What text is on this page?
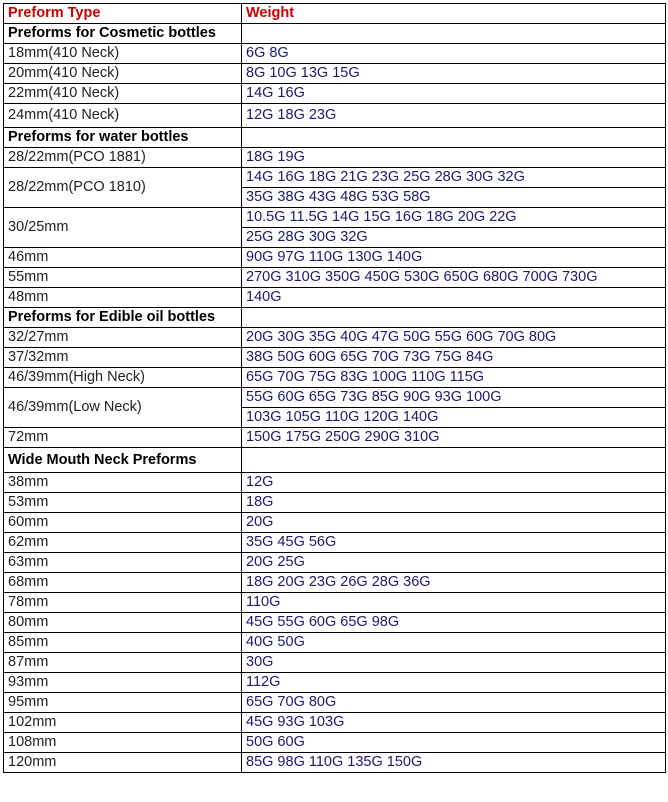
Preform Type	Weight
Preforms for Cosmetic bottles	
18mm(410 Neck)	6G 8G
20mm(410 Neck)	8G 10G 13G 15G
22mm(410 Neck)	14G 16G
24mm(410 Neck)	12G 18G 23G
Preforms for water bottles	
28/22mm(PCO 1881)	18G 19G
28/22mm(PCO 1810)	14G 16G 18G 21G 23G 25G 28G 30G 32G
	35G 38G 43G 48G 53G 58G
30/25mm	10.5G 11.5G 14G 15G 16G 18G 20G 22G
	25G 28G 30G 32G
46mm	90G 97G 110G 130G 140G
55mm	270G 310G 350G 450G 530G 650G 680G 700G 730G
48mm	140G
Preforms for Edible oil bottles	
32/27mm	20G 30G 35G 40G 47G 50G 55G 60G 70G 80G
37/32mm	38G 50G 60G 65G 70G 73G 75G 84G
46/39mm(High Neck)	65G 70G 75G 83G 100G 110G 115G
46/39mm(Low Neck)	55G 60G 65G 73G 85G 90G 93G 100G
	103G 105G 110G 120G 140G
72mm	150G 175G 250G 290G 310G
Wide Mouth Neck Preforms	
38mm	12G
53mm	18G
60mm	20G
62mm	35G 45G 56G
63mm	20G 25G
68mm	18G 20G 23G 26G 28G 36G
78mm	110G
80mm	45G 55G 60G 65G 98G
85mm	40G 50G
87mm	30G
93mm	112G
95mm	65G 70G 80G
102mm	45G 93G 103G
108mm	50G 60G
120mm	85G 98G 110G 135G 150G
